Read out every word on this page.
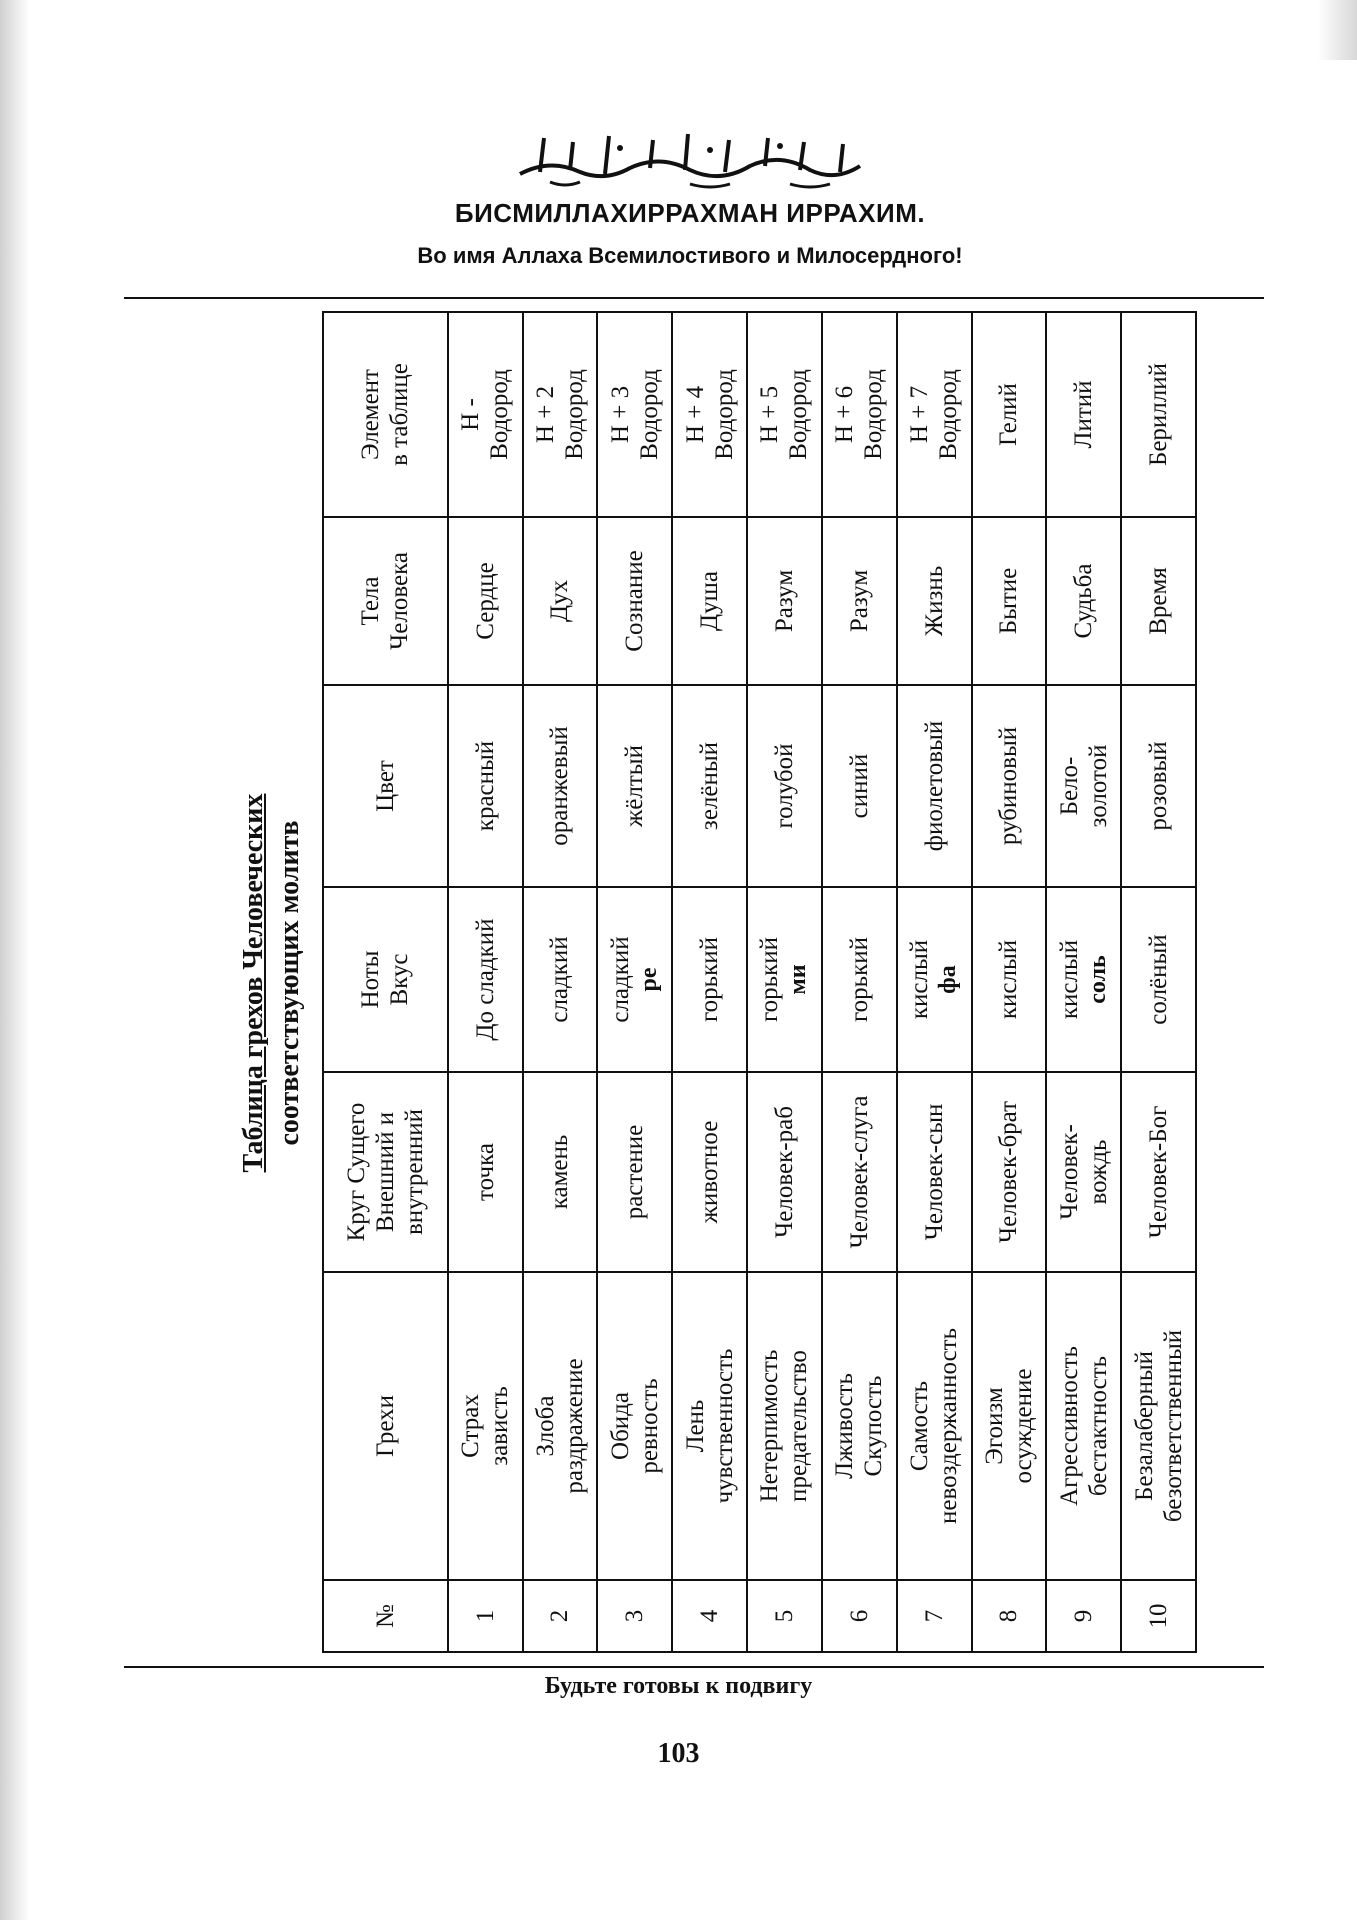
БИСМИЛЛАХИРРАХМАН ИРРАХИМ.
Во имя Аллаха Всемилостивого и Милосердного!
Таблица грехов Человеческих соответствующих молитв
№	Грехи	Круг Сущего Внешний и внутренний	Ноты Вкус	Цвет	Тела Человека	Элемент в таблице

1	Страх зависть	точка	До сладкий	красный	Сердце	Н - Водород

2	Злоба раздражение	камень	сладкий	оранжевый	Дух	Н + 2 Водород

3	Обида ревность	растение	сладкий ре	жёлтый	Сознание	Н + 3 Водород

4	Лень чувственность	животное	горький	зелёный	Душа	Н + 4 Водород

5	Нетерпимость предательство	Человек-раб	горький ми	голубой	Разум	Н + 5 Водород

6	Лживость Скупость	Человек-слуга	горький	синий	Разум	Н + 6 Водород

7	Самость невоздержанность	Человек-сын	кислый фа	фиолетовый	Жизнь	Н + 7 Водород

8	Эгоизм осуждение	Человек-брат	кислый	рубиновый	Бытие	Гелий

9	Агрессивность бестактность	Человек- вождь	кислый соль	Бело- золотой	Судьба	Литий

10	Безалаберный безответственный	Человек-Бог	солёный	розовый	Время	Бериллий
Будьте готовы к подвигу
103
